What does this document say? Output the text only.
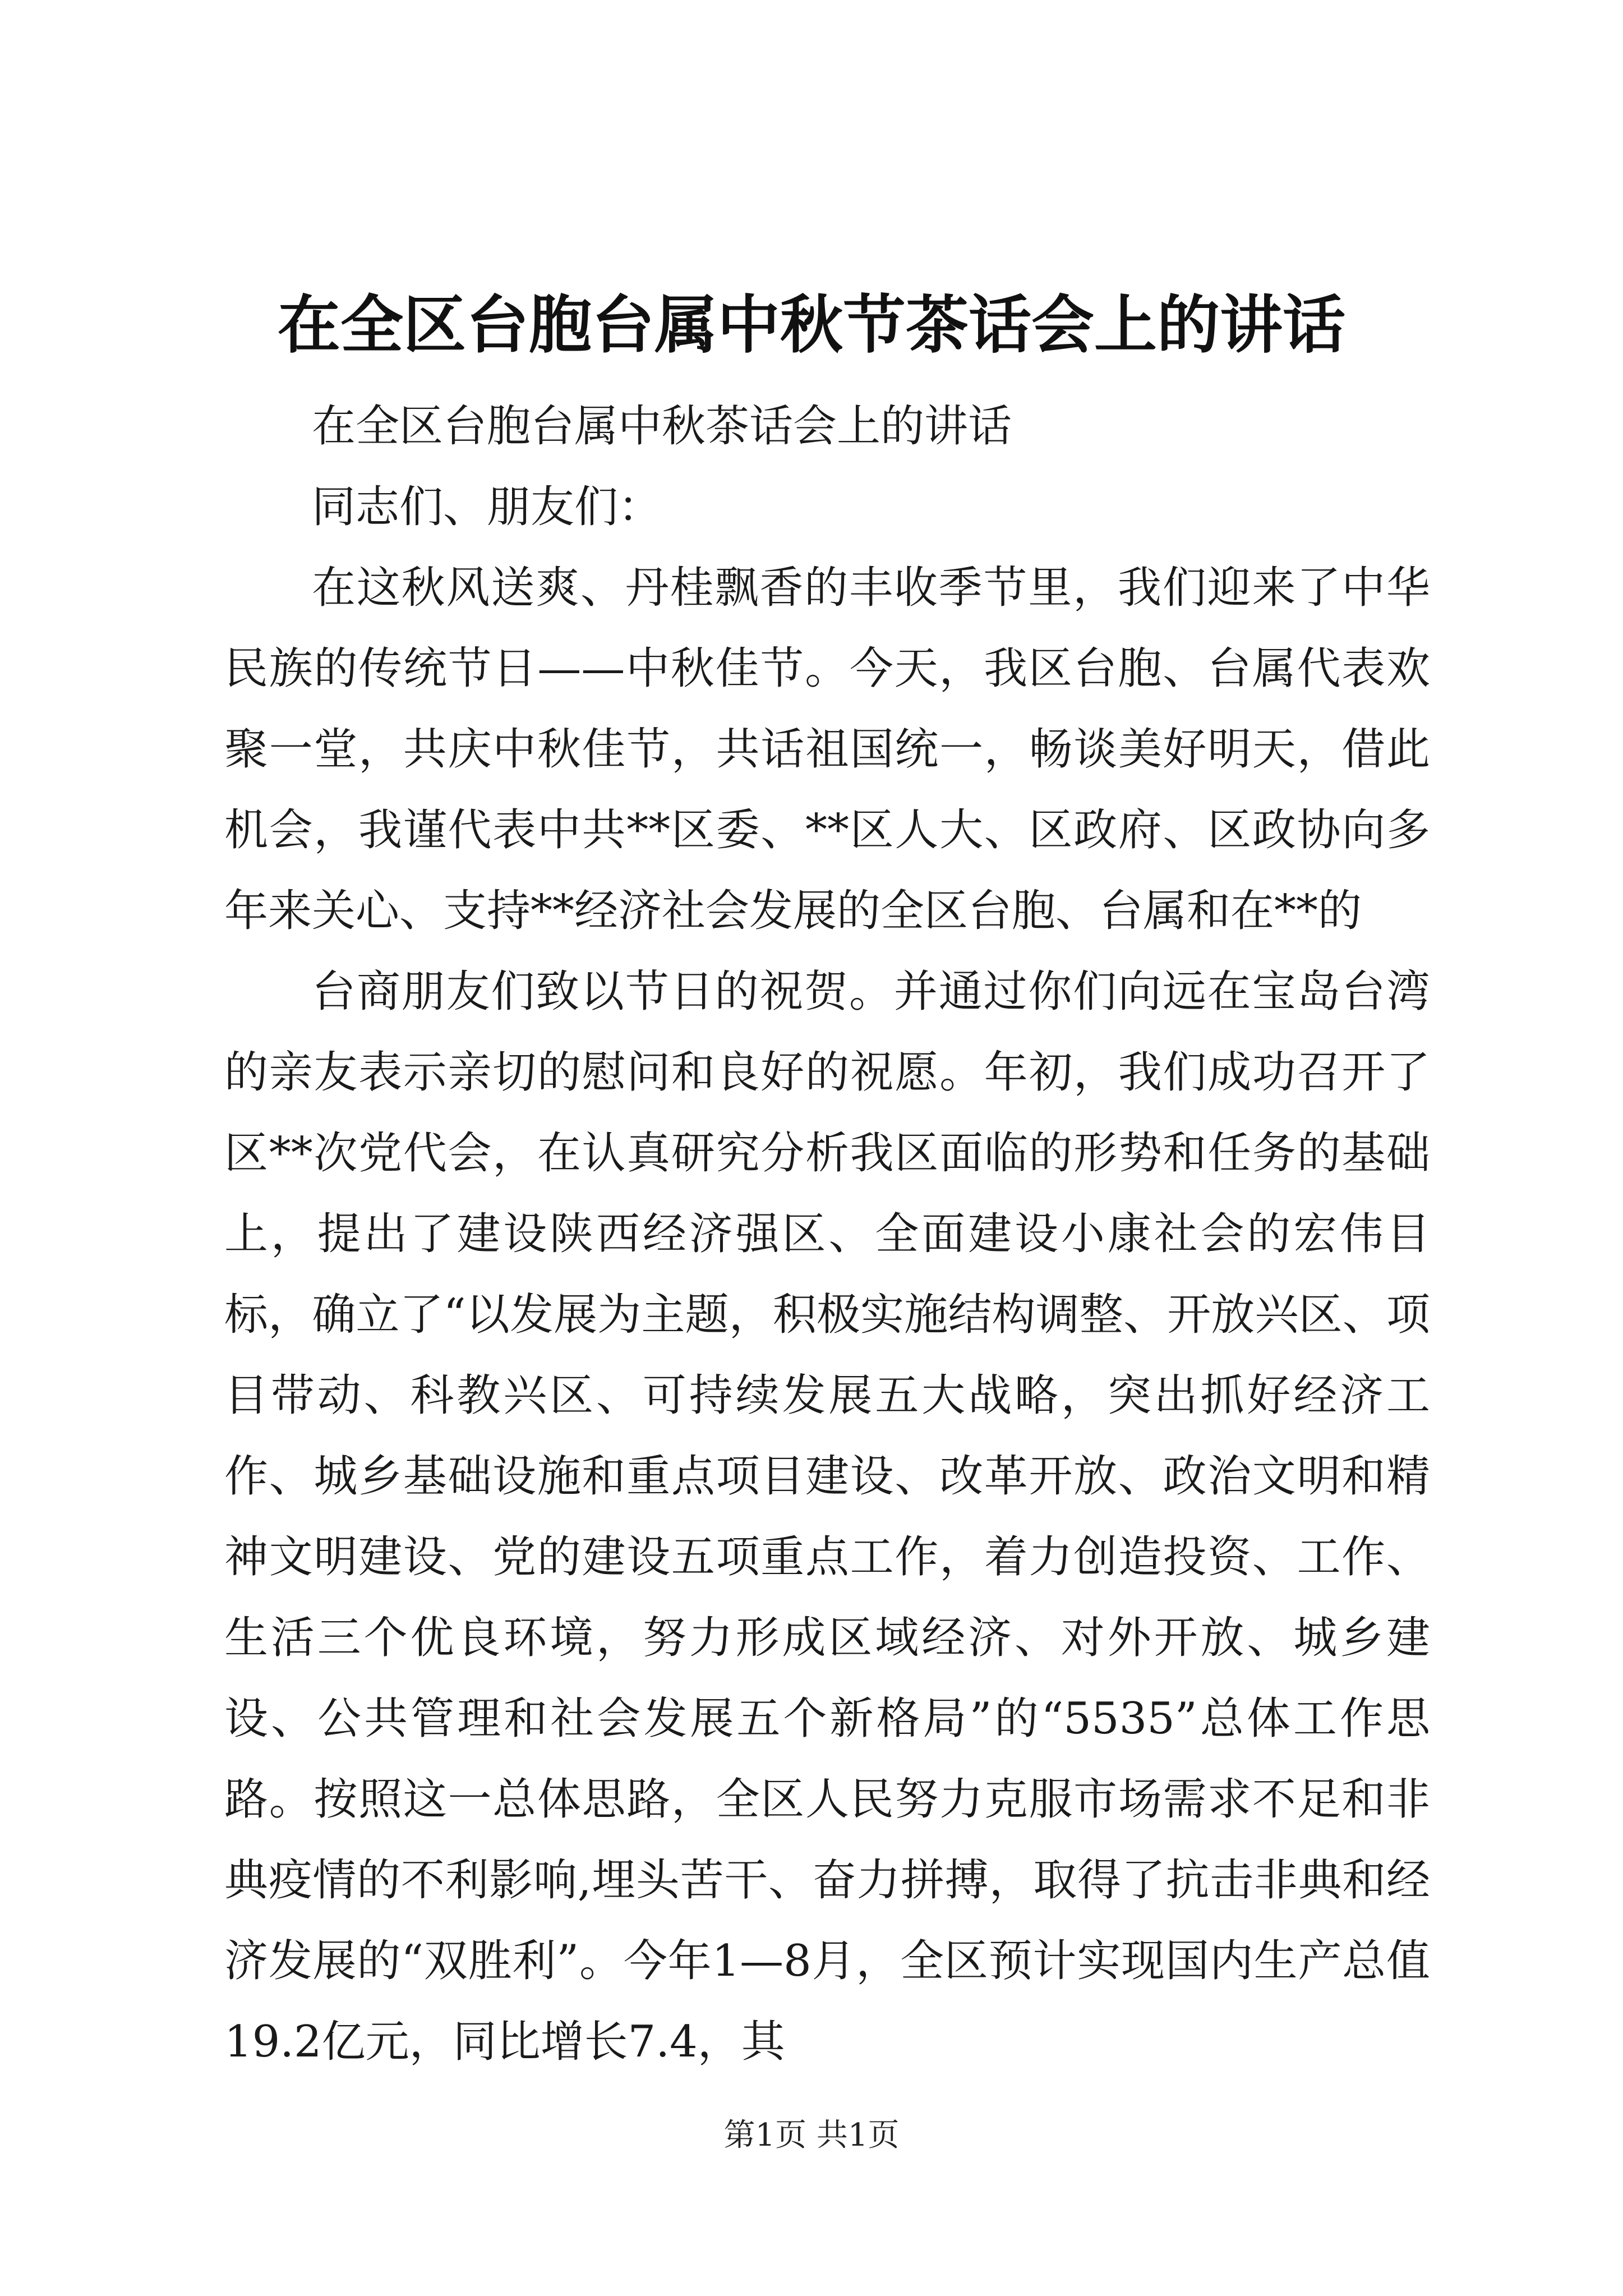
在全区台胞台属中秋节茶话会上的讲话

在全区台胞台属中秋茶话会上的讲话

同志们、朋友们：

在这秋风送爽、丹桂飘香的丰收季节里，我们迎来了中华民族的传统节日——中秋佳节。今天，我区台胞、台属代表欢聚一堂，共庆中秋佳节，共话祖国统一，畅谈美好明天，借此机会，我谨代表中共**区委、**区人大、区政府、区政协向多年来关心、支持**经济社会发展的全区台胞、台属和在**的

台商朋友们致以节日的祝贺。并通过你们向远在宝岛台湾的亲友表示亲切的慰问和良好的祝愿。年初，我们成功召开了区**次党代会，在认真研究分析我区面临的形势和任务的基础上，提出了建设陕西经济强区、全面建设小康社会的宏伟目标，确立了“以发展为主题，积极实施结构调整、开放兴区、项目带动、科教兴区、可持续发展五大战略，突出抓好经济工作、城乡基础设施和重点项目建设、改革开放、政治文明和精神文明建设、党的建设五项重点工作，着力创造投资、工作、生活三个优良环境，努力形成区域经济、对外开放、城乡建设、公共管理和社会发展五个新格局”的“5535”总体工作思路。按照这一总体思路，全区人民努力克服市场需求不足和非典疫情的不利影响,埋头苦干、奋力拼搏，取得了抗击非典和经济发展的“双胜利”。今年1—8月，全区预计实现国内生产总值19.2亿元，同比增长7.4，其

第1页 共1页
